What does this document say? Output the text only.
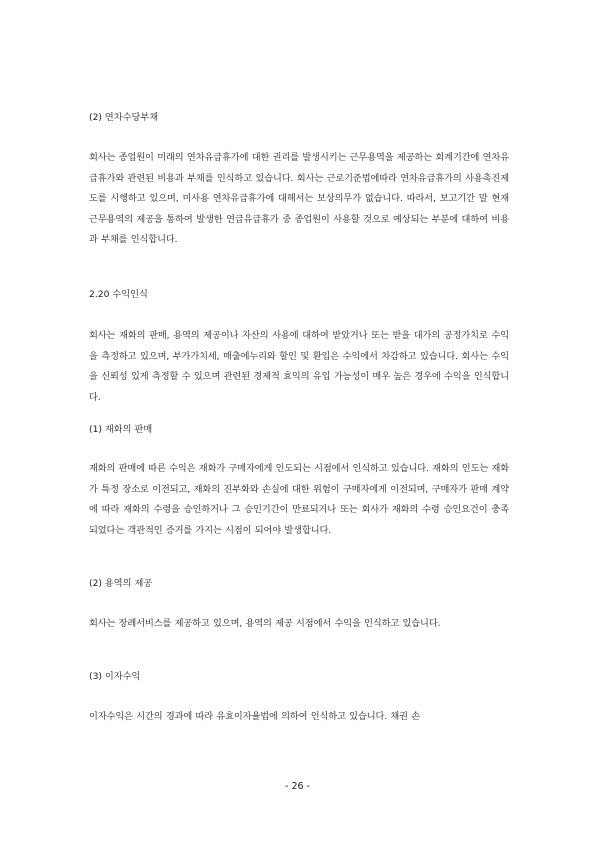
(2) 연차수당부채

회사는 종업원이 미래의 연차유급휴가에 대한 권리를 발생시키는 근무용역을 제공하는 회계기간에 연차유급휴가와 관련된 비용과 부채를 인식하고 있습니다. 회사는 근로기준법에따라 연차유급휴가의 사용촉진제도를 시행하고 있으며, 미사용 연차유급휴가에 대해서는 보상의무가 없습니다. 따라서, 보고기간 말 현재 근무용역의 제공을 통하여 발생한 연급유급휴가 중 종업원이 사용할 것으로 예상되는 부분에 대하여 비용과 부채를 인식합니다.

2.20 수익인식

회사는 재화의 판매, 용역의 제공이나 자산의 사용에 대하여 받았거나 또는 받을 대가의 공정가치로 수익을 측정하고 있으며, 부가가치세, 매출에누리와 할인 및 환입은 수익에서 차감하고 있습니다. 회사는 수익을 신뢰성 있게 측정할 수 있으며 관련된 경제적 효익의 유입 가능성이 매우 높은 경우에 수익을 인식합니다.

(1) 재화의 판매

재화의 판매에 따른 수익은 재화가 구매자에게 인도되는 시점에서 인식하고 있습니다. 재화의 인도는 재화가 특정 장소로 이전되고, 재화의 진부화와 손실에 대한 위험이 구매자에게 이전되며, 구매자가 판매 계약에 따라 재화의 수령을 승인하거나 그 승인기간이 만료되거나 또는 회사가 재화의 수령 승인요건이 충족되었다는 객관적인 증거를 가지는 시점이 되어야 발생합니다.

(2) 용역의 제공

회사는 장례서비스를 제공하고 있으며, 용역의 제공 시점에서 수익을 인식하고 있습니다.

(3) 이자수익

이자수익은 시간의 경과에 따라 유효이자율법에 의하여 인식하고 있습니다. 채권 손

- 26 -
